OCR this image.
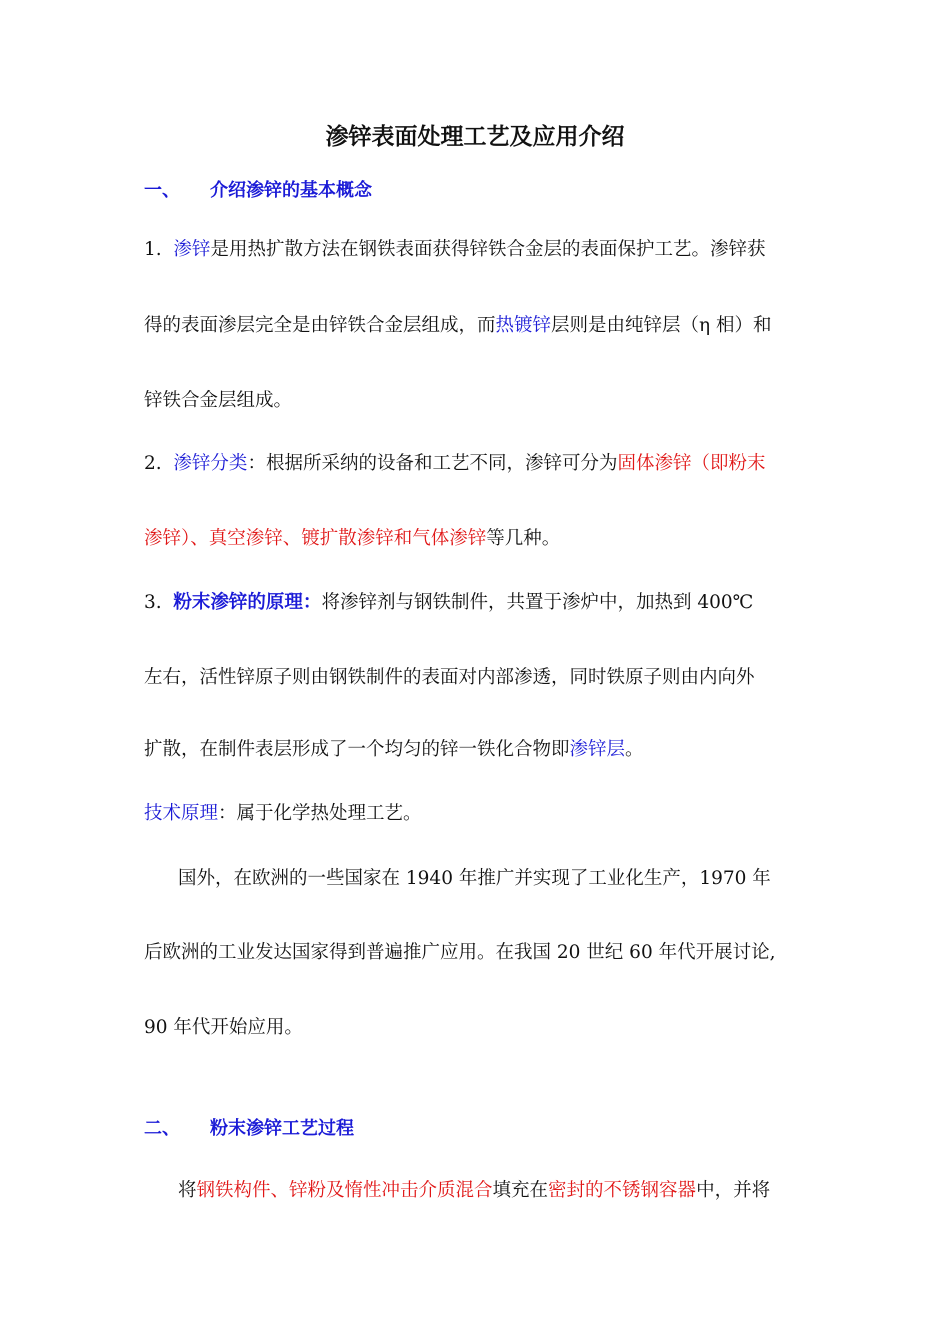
渗锌表面处理工艺及应用介绍
一、 介绍渗锌的基本概念
1. 渗锌是用热扩散方法在钢铁表面获得锌铁合金层的表面保护工艺。渗锌获
得的表面渗层完全是由锌铁合金层组成，而热镀锌层则是由纯锌层（η 相）和
锌铁合金层组成。
2. 渗锌分类：根据所采纳的设备和工艺不同，渗锌可分为固体渗锌（即粉末
渗锌）、真空渗锌、镀扩散渗锌和气体渗锌等几种。
3. 粉末渗锌的原理：将渗锌剂与钢铁制件，共置于渗炉中，加热到 400℃
左右，活性锌原子则由钢铁制件的表面对内部渗透，同时铁原子则由内向外
扩散，在制件表层形成了一个均匀的锌一铁化合物即渗锌层。
技术原理：属于化学热处理工艺。
国外，在欧洲的一些国家在 1940 年推广并实现了工业化生产，1970 年
后欧洲的工业发达国家得到普遍推广应用。在我国 20 世纪 60 年代开展讨论,
90 年代开始应用。
二、 粉末渗锌工艺过程
将钢铁构件、锌粉及惰性冲击介质混合填充在密封的不锈钢容器中，并将
